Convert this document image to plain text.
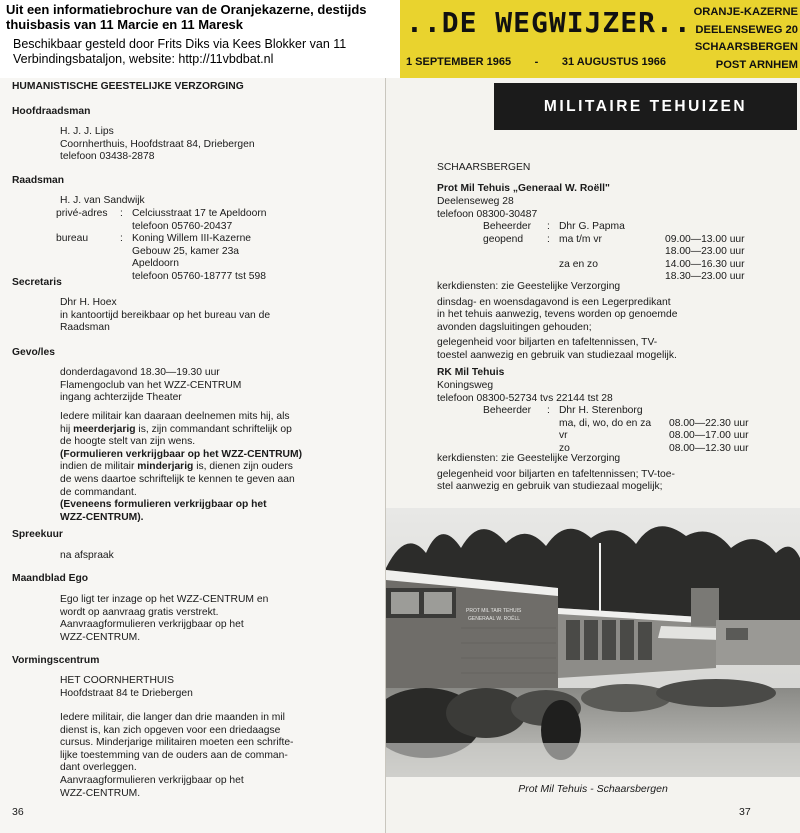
Uit een informatiebrochure van de Oranjekazerne, destijds thuisbasis van 11 Marcie en 11 Maresk
Beschikbaar gesteld door Frits Diks via Kees Blokker van 11 Verbindingsbataljon, website: http://11vbdbat.nl
..DE WEGWIJZER..
1 SEPTEMBER 1965 - 31 AUGUSTUS 1966
ORANJE-KAZERNE
DEELENSEWEG 20
SCHAARSBERGEN
POST ARNHEM
HUMANISTISCHE GEESTELIJKE VERZORGING
Hoofdraadsman

H. J. J. Lips

Coornherthuis, Hoofdstraat 84, Driebergen

telefoon 03438-2878

Raadsman
H. J. van Sandwijk

privé-adres : Celciusstraat 17 te Apeldoorn

telefoon 05760-20437

bureau	: Koning Willem III-Kazerne

Gebouw 25, kamer 23a

Apeldoorn

telefoon 05760-18777 tst 598

Secretaris

Dhr H. Hoex

in kantoortijd bereikbaar op het bureau van de

Raadsman

Gevo/les

donderdagavond 18.30—19.30 uur

Flamengoclub van het WZZ-CENTRUM

ingang achterzijde Theater

Iedere militair kan daaraan deelnemen mits hij, als

hij meerderjarig is, zijn commandant schriftelijk op

de hoogte stelt van zijn wens.

(Formulieren verkrijgbaar op het WZZ-CENTRUM)

indien de militair minderjarig is, dienen zijn ouders

de wens daartoe schriftelijk te kennen te geven aan

de commandant.

(Eveneens formulieren verkrijgbaar op het

WZZ-CENTRUM).

Spreekuur
na afspraak
Maandblad Ego

Ego ligt ter inzage op het WZZ-CENTRUM en

wordt op aanvraag gratis verstrekt.

Aanvraagformulieren verkrijgbaar op het

WZZ-CENTRUM.

Vormingscentrum

HET COORNHERTHUIS

Hoofdstraat 84 te Driebergen

Iedere militair, die langer dan drie maanden in mil

dienst is, kan zich opgeven voor een driedaagse

cursus. Minderjarige militairen moeten een schrifte-

lijke toestemming van de ouders aan de comman-

dant overleggen.

Aanvraagformulieren verkrijgbaar op het

WZZ-CENTRUM.

36
MILITAIRE TEHUIZEN
SCHAARSBERGEN
Prot Mil Tehuis „Generaal W. Roëll"

Deelenseweg 28

telefoon 08300-30487

Beheerder	:	Dhr G. Papma	
geopend	:	ma t/m vr	09.00—13.00 uur
			18.00—23.00 uur
		za en zo	14.00—16.30 uur
			18.30—23.00 uur

kerkdiensten: zie Geestelijke Verzorging

dinsdag- en woensdagavond is een Legerpredikant

in het tehuis aanwezig, tevens worden op genoemde

avonden dagsluitingen gehouden;

gelegenheid voor biljarten en tafeltennissen, TV-

toestel aanwezig en gebruik van studiezaal mogelijk.

RK Mil Tehuis

Koningsweg

telefoon 08300-52734 tvs 22144 tst 28

Beheerder	:	Dhr H. Sterenborg	
		ma, di, wo, do en za	08.00—22.30 uur
		vr	08.00—17.00 uur
		zo	08.00—12.30 uur

kerkdiensten: zie Geestelijke Verzorging

gelegenheid voor biljarten en tafeltennissen; TV-toe-

stel aanwezig en gebruik van studiezaal mogelijk;

PROT MIL TAIR TEHUIS
GENERAAL W. ROËLL
Prot Mil Tehuis - Schaarsbergen
37
